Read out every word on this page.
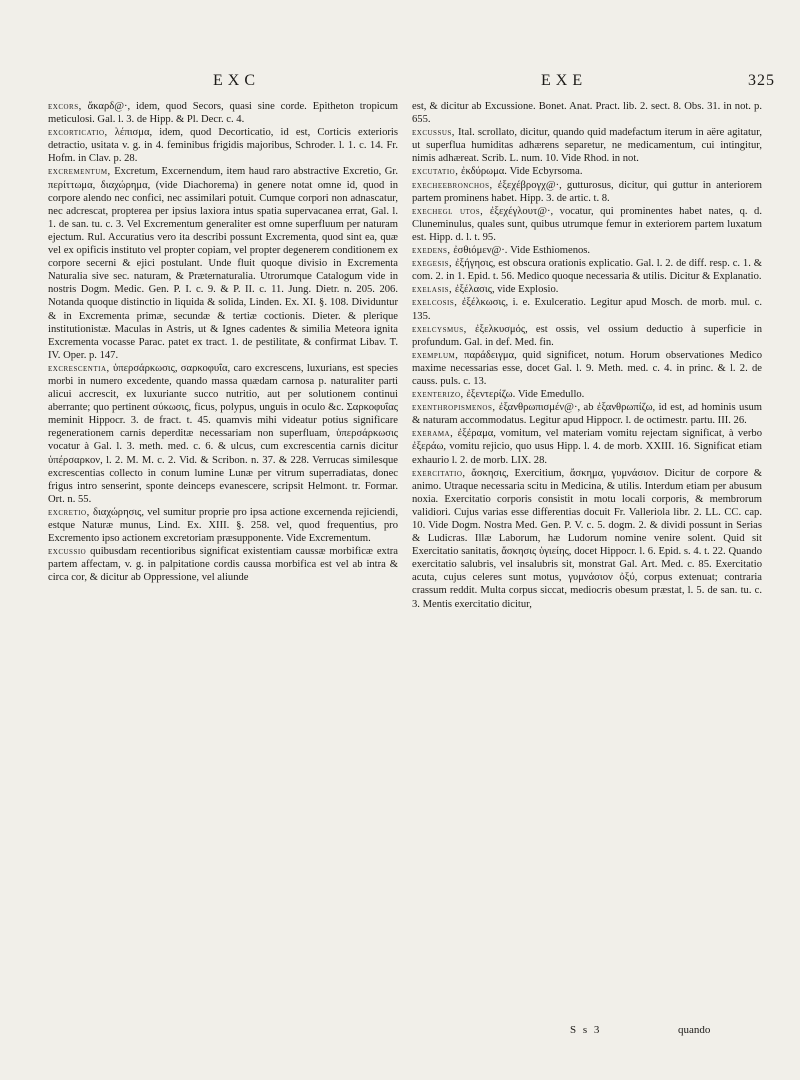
EXC	EXE	325

excors, ἄκαρδ@·, idem, quod Secors, quasi sine corde. Epitheton tropicum meticulosi. Gal. l. 3. de Hipp. & Pl. Decr. c. 4.

excorticatio, λέπισμα, idem, quod Decorticatio, id est, Corticis exterioris detractio, usitata v. g. in 4. feminibus frigidis majoribus, Schroder. l. 1. c. 14. Fr. Hofm. in Clav. p. 28.

excrementum, Excretum, Excernendum, item haud raro abstractive Excretio, Gr. περίττωμα, διαχώρημα, (vide Diachorema) in genere notat omne id, quod in corpore alendo nec confici, nec assimilari potuit. Cumque corpori non adnascatur, nec adcrescat, propterea per ipsius laxiora intus spatia supervacanea errat, Gal. l. 1. de san. tu. c. 3. Vel Excrementum generaliter est omne superfluum per naturam ejectum. Rul. Accuratius vero ita describi possunt Excrementa, quod sint ea, quæ vel ex opificis instituto vel propter copiam, vel propter degenerem conditionem ex corpore secerni & ejici postulant. Unde fluit quoque divisio in Excrementa Naturalia sive sec. naturam, & Præternaturalia. Utrorumque Catalogum vide in nostris Dogm. Medic. Gen. P. I. c. 9. & P. II. c. 11. Jung. Dietr. n. 205. 206. Notanda quoque distinctio in liquida & solida, Linden. Ex. XI. §. 108. Dividuntur & in Excrementa primæ, secundæ & tertiæ coctionis. Dieter. & plerique institutionistæ. Maculas in Astris, ut & Ignes cadentes & similia Meteora ignita Excrementa vocasse Parac. patet ex tract. 1. de pestilitate, & confirmat Libav. T. IV. Oper. p. 147.

excrescentia, ὑπερσάρκωσις, σαρκοφυΐα, caro excrescens, luxurians, est species morbi in numero excedente, quando massa quædam carnosa p. naturaliter parti alicui accrescit, ex luxuriante succo nutritio, aut per solutionem continui aberrante; quo pertinent σύκωσις, ficus, polypus, unguis in oculo &c. Σαρκοφυΐας meminit Hippocr. 3. de fract. t. 45. quamvis mihi videatur potius significare regenerationem carnis deperditæ necessariam non superfluam, ὑπερσάρκωσις vocatur à Gal. l. 3. meth. med. c. 6. & ulcus, cum excrescentia carnis dicitur ὑπέρσαρκον, l. 2. M. M. c. 2. Vid. & Scribon. n. 37. & 228. Verrucas similesque excrescentias collecto in conum lumine Lunæ per vitrum superradiatas, donec frigus intro senserint, sponte deinceps evanescere, scripsit Helmont. tr. Formar. Ort. n. 55.

excretio, διαχώρησις, vel sumitur proprie pro ipsa actione excernenda rejiciendi, estque Naturæ munus, Lind. Ex. XIII. §. 258. vel, quod frequentius, pro Excremento ipso actionem excretoriam præsupponente. Vide Excrementum.

excussio quibusdam recentioribus significat existentiam caussæ morbificæ extra partem affectam, v. g. in palpitatione cordis caussa morbifica est vel ab intra & circa cor, & dicitur ab Oppressione, vel aliunde

est, & dicitur ab Excussione. Bonet. Anat. Pract. lib. 2. sect. 8. Obs. 31. in not. p. 655.

excussus, Ital. scrollato, dicitur, quando quid madefactum iterum in aëre agitatur, ut superflua humiditas adhærens separetur, ne medicamentum, cui intingitur, nimis adhæreat. Scrib. L. num. 10. Vide Rhod. in not.

excutatio, ἐκδύρωμα. Vide Ecbyrsoma.

execheebronchos, ἐξεχέβρογχ@·, gutturosus, dicitur, qui guttur in anteriorem partem prominens habet. Hipp. 3. de artic. t. 8.

exechegl utos, ἐξεχέγλουτ@·, vocatur, qui prominentes habet nates, q. d. Cluneminulus, quales sunt, quibus utrumque femur in exteriorem partem luxatum est. Hipp. d. l. t. 95.

exedens, ἐσθιόμεν@·. Vide Esthiomenos.

exegesis, ἐξήγησις, est obscura orationis explicatio. Gal. l. 2. de diff. resp. c. 1. & com. 2. in 1. Epid. t. 56. Medico quoque necessaria & utilis. Dicitur & Explanatio.

exelasis, ἐξέλασις, vide Explosio.

exelcosis, ἐξέλκωσις, i. e. Exulceratio. Legitur apud Mosch. de morb. mul. c. 135.

exelcysmus, ἐξελκυσμός, est ossis, vel ossium deductio à superficie in profundum. Gal. in def. Med. fin.

exemplum, παράδειγμα, quid significet, notum. Horum observationes Medico maxime necessarias esse, docet Gal. l. 9. Meth. med. c. 4. in princ. & l. 2. de causs. puls. c. 13.

exenterizo, ἐξεντερίζω. Vide Emedullo.

exenthropismenos, ἐξανθρωπισμέν@·, ab ἐξανθρωπίζω, id est, ad hominis usum & naturam accommodatus. Legitur apud Hippocr. l. de octimestr. partu. III. 26.

exerama, ἐξέραμα, vomitum, vel materiam vomitu rejectam significat, à verbo ἐξεράω, vomitu rejicio, quo usus Hipp. l. 4. de morb. XXIII. 16. Significat etiam exhaurio l. 2. de morb. LIX. 28.

exercitatio, ἄσκησις, Exercitium, ἄσκημα, γυμνάσιον. Dicitur de corpore & animo. Utraque necessaria scitu in Medicina, & utilis. Interdum etiam per abusum noxia. Exercitatio corporis consistit in motu locali corporis, & membrorum validiori. Cujus varias esse differentias docuit Fr. Valleriola libr. 2. LL. CC. cap. 10. Vide Dogm. Nostra Med. Gen. P. V. c. 5. dogm. 2. & dividi possunt in Serias & Ludicras. Illæ Laborum, hæ Ludorum nomine venire solent. Quid sit Exercitatio sanitatis, ἄσκησις ὑγιείης, docet Hippocr. l. 6. Epid. s. 4. t. 22. Quando exercitatio salubris, vel insalubris sit, monstrat Gal. Art. Med. c. 85. Exercitatio acuta, cujus celeres sunt motus, γυμνάσιον ὀξύ, corpus extenuat; contraria crassum reddit. Multa corpus siccat, mediocris obesum præstat, l. 5. de san. tu. c. 3. Mentis exercitatio dicitur,

S s 3	quando
